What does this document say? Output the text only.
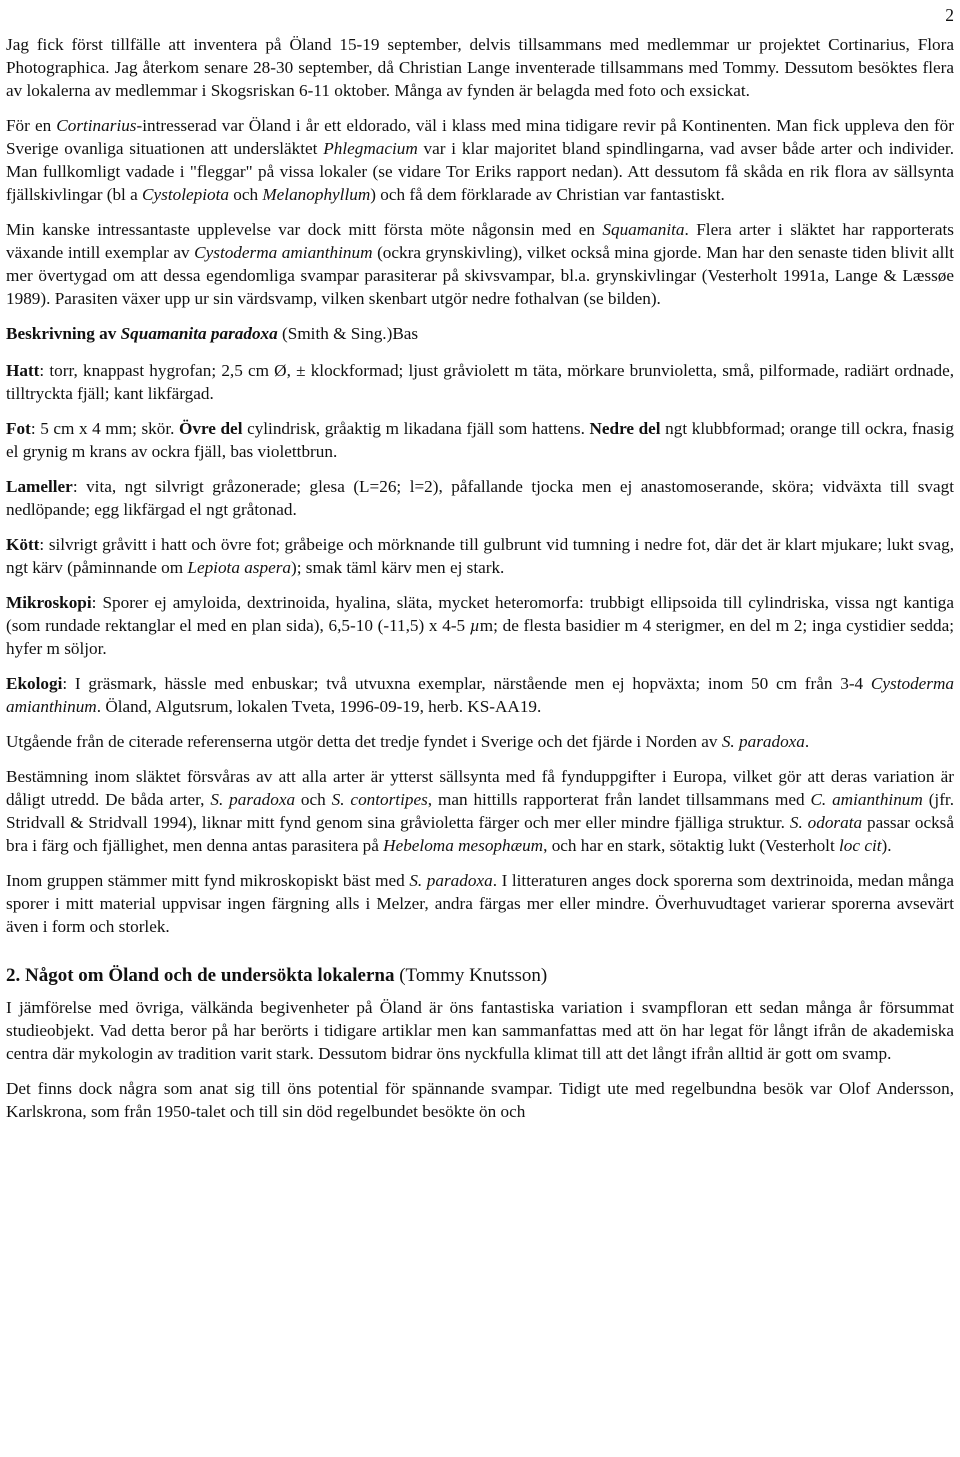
2

Jag fick först tillfälle att inventera på Öland 15-19 september, delvis tillsammans med medlemmar ur projektet Cortinarius, Flora Photographica. Jag återkom senare 28-30 september, då Christian Lange inventerade tillsammans med Tommy. Dessutom besöktes flera av lokalerna av medlemmar i Skogsriskan 6-11 oktober. Många av fynden är belagda med foto och exsickat.

För en Cortinarius-intresserad var Öland i år ett eldorado, väl i klass med mina tidigare revir på Kontinenten. Man fick uppleva den för Sverige ovanliga situationen att undersläktet Phlegmacium var i klar majoritet bland spindlingarna, vad avser både arter och individer. Man fullkomligt vadade i "fleggar" på vissa lokaler (se vidare Tor Eriks rapport nedan). Att dessutom få skåda en rik flora av sällsynta fjällskivlingar (bl a Cystolepiota och Melanophyllum) och få dem förklarade av Christian var fantastiskt.

Min kanske intressantaste upplevelse var dock mitt första möte någonsin med en Squamanita. Flera arter i släktet har rapporterats växande intill exemplar av Cystoderma amianthinum (ockra grynskivling), vilket också mina gjorde. Man har den senaste tiden blivit allt mer övertygad om att dessa egendomliga svampar parasiterar på skivsvampar, bl.a. grynskivlingar (Vesterholt 1991a, Lange & Læssøe 1989). Parasiten växer upp ur sin värdsvamp, vilken skenbart utgör nedre fothalvan (se bilden).

Beskrivning av Squamanita paradoxa (Smith & Sing.)Bas

Hatt: torr, knappast hygrofan; 2,5 cm Ø, ± klockformad; ljust gråviolett m täta, mörkare brunvioletta, små, pilformade, radiärt ordnade, tilltryckta fjäll; kant likfärgad.

Fot: 5 cm x 4 mm; skör. Övre del cylindrisk, gråaktig m likadana fjäll som hattens. Nedre del ngt klubbformad; orange till ockra, fnasig el grynig m krans av ockra fjäll, bas violettbrun.

Lameller: vita, ngt silvrigt gråzonerade; glesa (L=26; l=2), påfallande tjocka men ej anastomoserande, sköra; vidväxta till svagt nedlöpande; egg likfärgad el ngt gråtonad.

Kött: silvrigt gråvitt i hatt och övre fot; gråbeige och mörknande till gulbrunt vid tumning i nedre fot, där det är klart mjukare; lukt svag, ngt kärv (påminnande om Lepiota aspera); smak täml kärv men ej stark.

Mikroskopi: Sporer ej amyloida, dextrinoida, hyalina, släta, mycket heteromorfa: trubbigt ellipsoida till cylindriska, vissa ngt kantiga (som rundade rektanglar el med en plan sida), 6,5-10 (-11,5) x 4-5 µm; de flesta basidier m 4 sterigmer, en del m 2; inga cystidier sedda; hyfer m söljor.

Ekologi: I gräsmark, hässle med enbuskar; två utvuxna exemplar, närstående men ej hopväxta; inom 50 cm från 3-4 Cystoderma amianthinum. Öland, Algutsrum, lokalen Tveta, 1996-09-19, herb. KS-AA19.

Utgående från de citerade referenserna utgör detta det tredje fyndet i Sverige och det fjärde i Norden av S. paradoxa.

Bestämning inom släktet försvåras av att alla arter är ytterst sällsynta med få fynduppgifter i Europa, vilket gör att deras variation är dåligt utredd. De båda arter, S. paradoxa och S. contortipes, man hittills rapporterat från landet tillsammans med C. amianthinum (jfr. Stridvall & Stridvall 1994), liknar mitt fynd genom sina gråvioletta färger och mer eller mindre fjälliga struktur. S. odorata passar också bra i färg och fjällighet, men denna antas parasitera på Hebeloma mesophæum, och har en stark, sötaktig lukt (Vesterholt loc cit).

Inom gruppen stämmer mitt fynd mikroskopiskt bäst med S. paradoxa. I litteraturen anges dock sporerna som dextrinoida, medan många sporer i mitt material uppvisar ingen färgning alls i Melzer, andra färgas mer eller mindre. Överhuvudtaget varierar sporerna avsevärt även i form och storlek.

2. Något om Öland och de undersökta lokalerna (Tommy Knutsson)

I jämförelse med övriga, välkända begivenheter på Öland är öns fantastiska variation i svampfloran ett sedan många år försummat studieobjekt. Vad detta beror på har berörts i tidigare artiklar men kan sammanfattas med att ön har legat för långt ifrån de akademiska centra där mykologin av tradition varit stark. Dessutom bidrar öns nyckfulla klimat till att det långt ifrån alltid är gott om svamp.

Det finns dock några som anat sig till öns potential för spännande svampar. Tidigt ute med regelbundna besök var Olof Andersson, Karlskrona, som från 1950-talet och till sin död regelbundet besökte ön och
